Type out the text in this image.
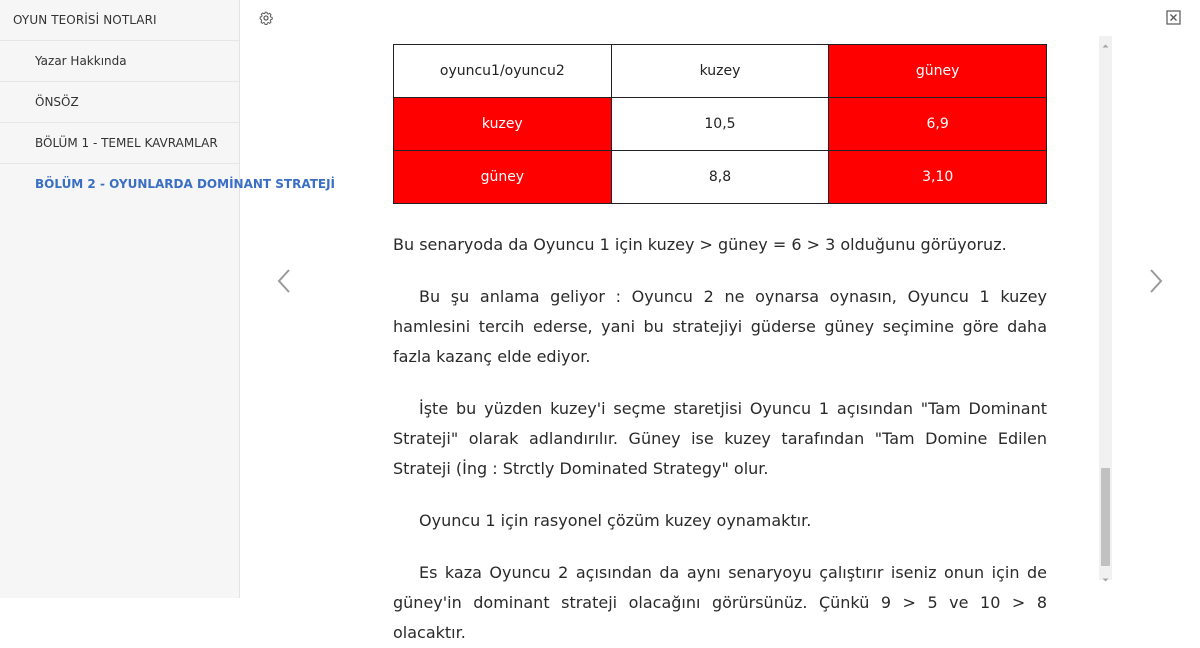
OYUN TEORİSİ NOTLARI
Yazar Hakkında
ÖNSÖZ
BÖLÜM 1 - TEMEL KAVRAMLAR
BÖLÜM 2 - OYUNLARDA DOMİNANT STRATEJİ
oyuncu1/oyuncu2	kuzey	güney
kuzey	10,5	6,9
güney	8,8	3,10

Bu senaryoda da Oyuncu 1 için kuzey > güney = 6 > 3 olduğunu görüyoruz.

Bu şu anlama geliyor : Oyuncu 2 ne oynarsa oynasın, Oyuncu 1 kuzey hamlesini tercih ederse, yani bu stratejiyi güderse güney seçimine göre daha fazla kazanç elde ediyor.

İşte bu yüzden kuzey'i seçme staretjisi Oyuncu 1 açısından "Tam Dominant Strateji" olarak adlandırılır. Güney ise kuzey tarafından "Tam Domine Edilen Strateji (İng : Strctly Dominated Strategy" olur.

Oyuncu 1 için rasyonel çözüm kuzey oynamaktır.

Es kaza Oyuncu 2 açısından da aynı senaryoyu çalıştırır iseniz onun için de güney'in dominant strateji olacağını görürsünüz. Çünkü 9 > 5 ve 10 > 8 olacaktır.
